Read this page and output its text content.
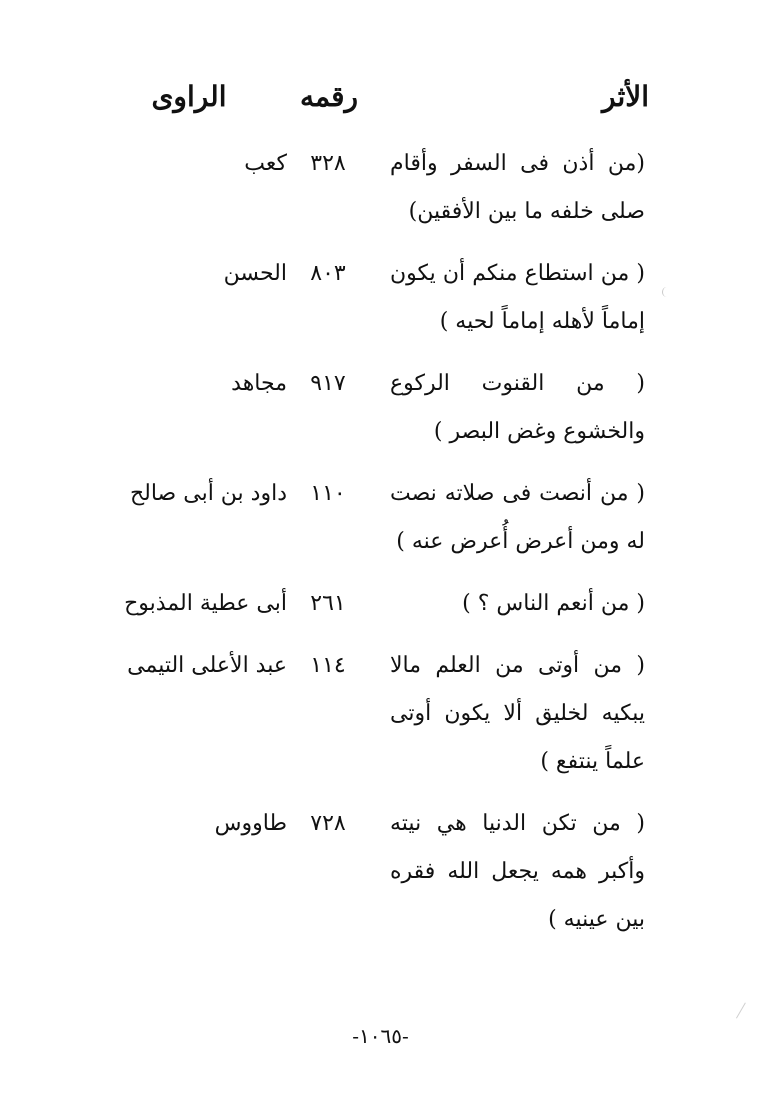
الأثر
رقمه
الراوى
(من أذن فى السفر وأقام صلى خلفه ما بين الأفقين)
٣٢٨
كعب
( من استطاع منكم أن يكون إماماً لأهله إماماً لحيه )
٨٠٣
الحسن
( من القنوت الركوع والخشوع وغض البصر )
٩١٧
مجاهد
( من أنصت فى صلاته نصت له ومن أعرض أُعرض عنه )
١١٠
داود بن أبى صالح
( من أنعم الناس ؟ )
٢٦١
أبى عطية المذبوح
( من أوتى من العلم مالا يبكيه لخليق ألا يكون أوتى علماً ينتفع )
١١٤
عبد الأعلى التيمى
( من تكن الدنيا هي نيته وأكبر همه يجعل الله فقره بين عينيه )
٧٢٨
طاووس
-١٠٦٥-
